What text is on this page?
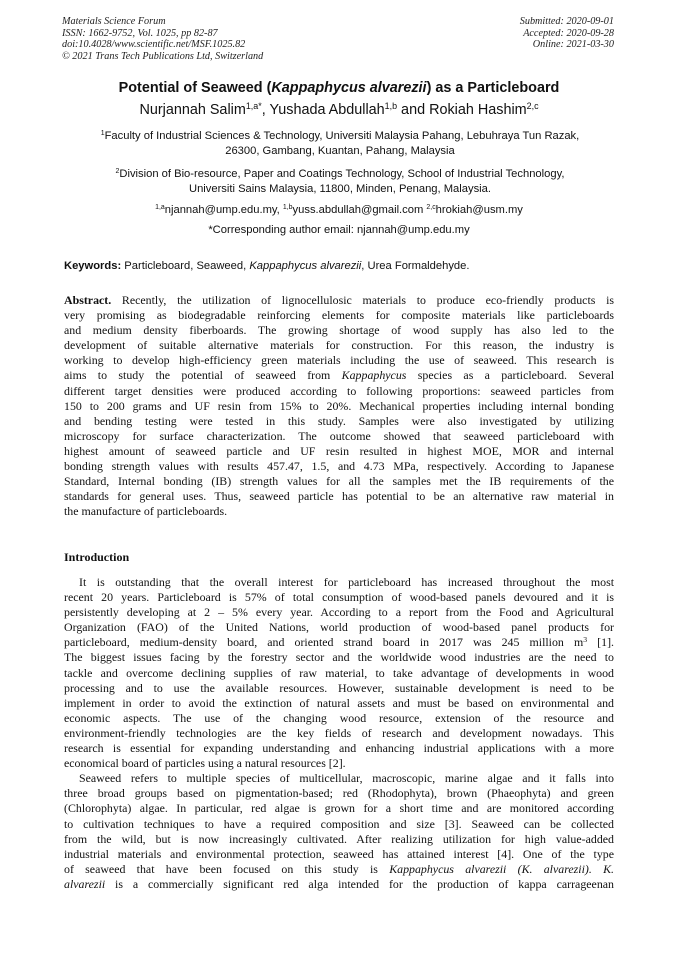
Materials Science Forum
ISSN: 1662-9752, Vol. 1025, pp 82-87
doi:10.4028/www.scientific.net/MSF.1025.82
© 2021 Trans Tech Publications Ltd, Switzerland
Submitted: 2020-09-01
Accepted: 2020-09-28
Online: 2021-03-30
Potential of Seaweed (Kappaphycus alvarezii) as a Particleboard
Nurjannah Salim$^{1,a*}$, Yushada Abdullah$^{1,b}$ and Rokiah Hashim$^{2,c}$
$^1$Faculty of Industrial Sciences & Technology, Universiti Malaysia Pahang, Lebuhraya Tun Razak,
26300, Gambang, Kuantan, Pahang, Malaysia
$^2$Division of Bio-resource, Paper and Coatings Technology, School of Industrial Technology,
Universiti Sains Malaysia, 11800, Minden, Penang, Malaysia.
$^{1,a}$njannah@ump.edu.my, $^{1,b}$yuss.abdullah@gmail.com $^{2,c}$hrokiah@usm.my
*Corresponding author email: njannah@ump.edu.my
Keywords: Particleboard, Seaweed, Kappaphycus alvarezii, Urea Formaldehyde.
Abstract. Recently, the utilization of lignocellulosic materials to produce eco-friendly products is
very promising as biodegradable reinforcing elements for composite materials like particleboards
and medium density fiberboards. The growing shortage of wood supply has also led to the
development of suitable alternative materials for construction. For this reason, the industry is
working to develop high-efficiency green materials including the use of seaweed. This research is
aims to study the potential of seaweed from Kappaphycus species as a particleboard. Several
different target densities were produced according to following proportions: seaweed particles from
150 to 200 grams and UF resin from 15% to 20%. Mechanical properties including internal bonding
and bending testing were tested in this study. Samples were also investigated by utilizing
microscopy for surface characterization. The outcome showed that seaweed particleboard with
highest amount of seaweed particle and UF resin resulted in highest MOE, MOR and internal
bonding strength values with results 457.47, 1.5, and 4.73 MPa, respectively. According to Japanese
Standard, Internal bonding (IB) strength values for all the samples met the IB requirements of the
standards for general uses. Thus, seaweed particle has potential to be an alternative raw material in
the manufacture of particleboards.
Introduction
It is outstanding that the overall interest for particleboard has increased throughout the most
recent 20 years. Particleboard is 57% of total consumption of wood-based panels devoured and it is
persistently developing at 2 – 5% every year. According to a report from the Food and Agricultural
Organization (FAO) of the United Nations, world production of wood-based panel products for
particleboard, medium-density board, and oriented strand board in 2017 was 245 million $m^3$ [1].
The biggest issues facing by the forestry sector and the worldwide wood industries are the need to
tackle and overcome declining supplies of raw material, to take advantage of developments in wood
processing and to use the available resources. However, sustainable development is need to be
implement in order to avoid the extinction of natural assets and must be based on environmental and
economic aspects. The use of the changing wood resource, extension of the resource and
environment-friendly technologies are the key fields of research and development nowadays. This
research is essential for expanding understanding and enhancing industrial applications with a more
economical board of particles using a natural resources [2].
Seaweed refers to multiple species of multicellular, macroscopic, marine algae and it falls into
three broad groups based on pigmentation-based; red (Rhodophyta), brown (Phaeophyta) and green
(Chlorophyta) algae. In particular, red algae is grown for a short time and are monitored according
to cultivation techniques to have a required composition and size [3]. Seaweed can be collected
from the wild, but is now increasingly cultivated. After realizing utilization for high value-added
industrial materials and environmental protection, seaweed has attained interest [4]. One of the type
of seaweed that have been focused on this study is Kappaphycus alvarezii (K. alvarezii). K.
alvarezii is a commercially significant red alga intended for the production of kappa carrageenan
